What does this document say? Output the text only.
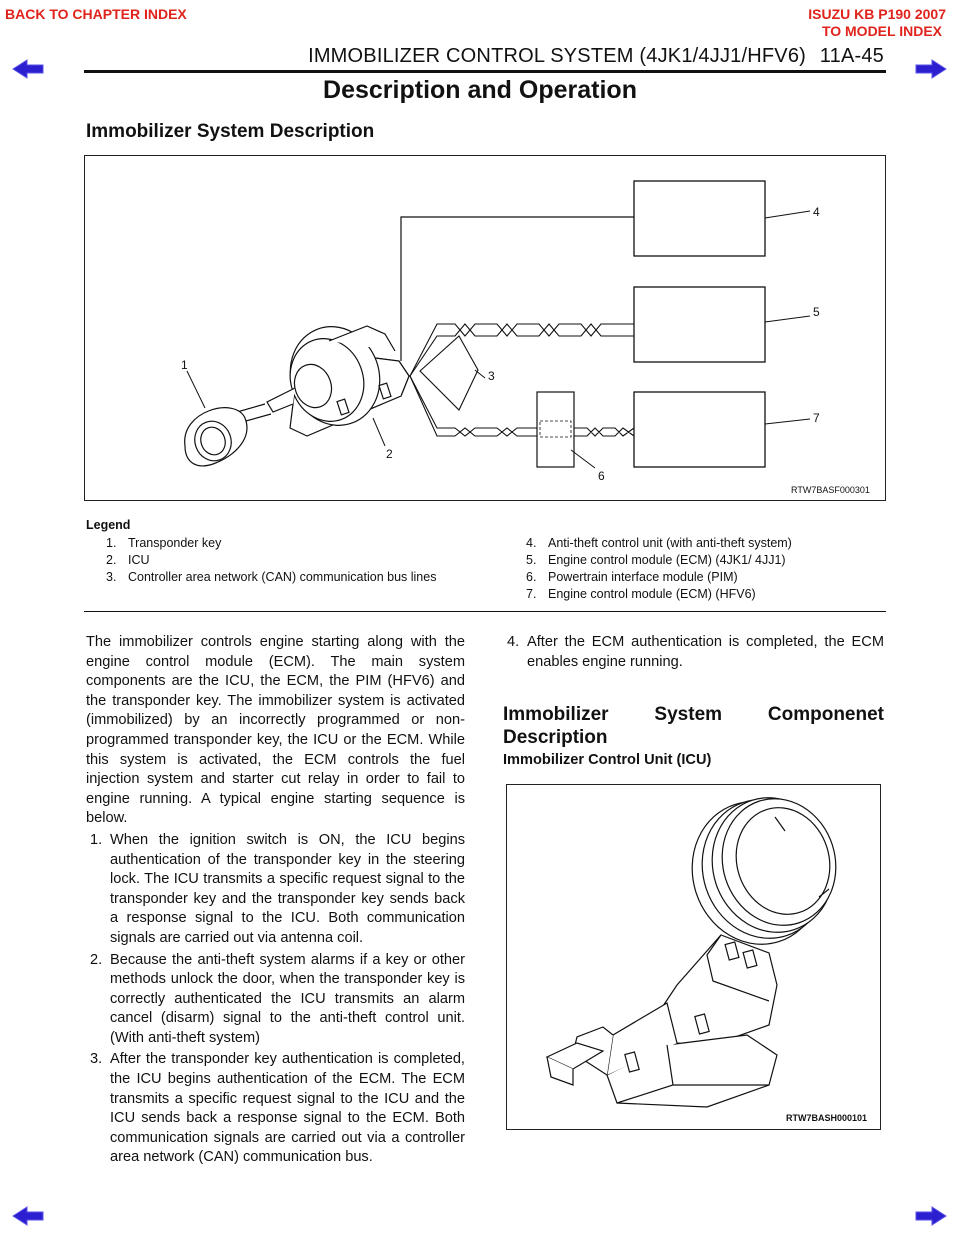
BACK TO CHAPTER INDEX	ISUZU KB P190 2007
TO MODEL INDEX
IMMOBILIZER CONTROL SYSTEM (4JK1/4JJ1/HFV6) 11A-45
Description and Operation
Immobilizer System Description
1
2
3
4
5
6
7
RTW7BASF000301
Legend
1. Transponder key
2. ICU
3. Controller area network (CAN) communication bus lines
4. Anti-theft control unit (with anti-theft system)
5. Engine control module (ECM) (4JK1/ 4JJ1)
6. Powertrain interface module (PIM)
7. Engine control module (ECM) (HFV6)
The immobilizer controls engine starting along with the engine control module (ECM). The main system components are the ICU, the ECM, the PIM (HFV6) and the transponder key. The immobilizer system is activated (immobilized) by an incorrectly programmed or non-programmed transponder key, the ICU or the ECM. While this system is activated, the ECM controls the fuel injection system and starter cut relay in order to fail to engine running. A typical engine starting sequence is below.
1. When the ignition switch is ON, the ICU begins authentication of the transponder key in the steering lock. The ICU transmits a specific request signal to the transponder key and the transponder key sends back a response signal to the ICU. Both communication signals are carried out via antenna coil.
2. Because the anti-theft system alarms if a key or other methods unlock the door, when the transponder key is correctly authenticated the ICU transmits an alarm cancel (disarm) signal to the anti-theft control unit. (With anti-theft system)
3. After the transponder key authentication is completed, the ICU begins authentication of the ECM. The ECM transmits a specific request signal to the ICU and the ICU sends back a response signal to the ECM. Both communication signals are carried out via a controller area network (CAN) communication bus.
4. After the ECM authentication is completed, the ECM enables engine running.
Immobilizer System Componenet Description
Immobilizer Control Unit (ICU)
RTW7BASH000101
